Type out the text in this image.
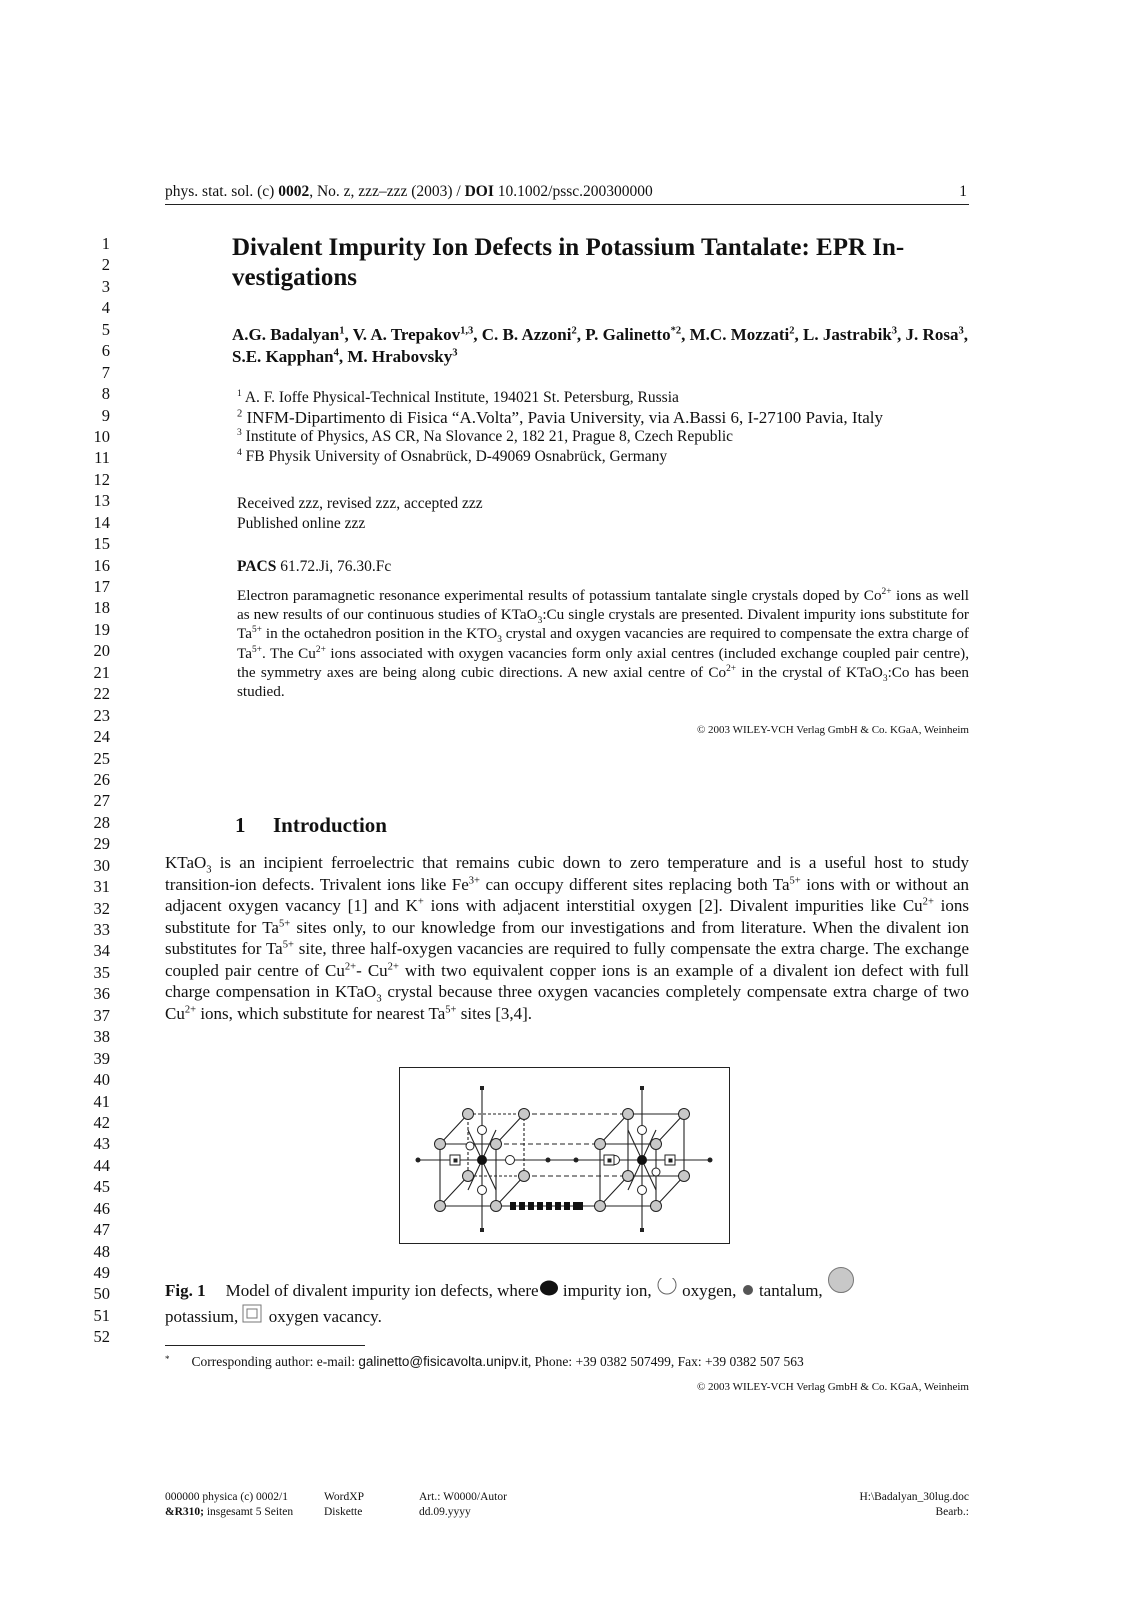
phys. stat. sol. (c) 0002, No. z, zzz–zzz (2003) / DOI 10.1002/pssc.200300000	1
1
2
3
4
5
6
7
8
9
10
11
12
13
14
15
16
17
18
19
20
21
22
23
24
25
26
27
28
29
30
31
32
33
34
35
36
37
38
39
40
41
42
43
44
45
46
47
48
49
50
51
52
Divalent Impurity Ion Defects in Potassium Tantalate: EPR In-vestigations
A.G. Badalyan$^1$, V. A. Trepakov$^{1,3}$, C. B. Azzoni$^2$, P. Galinetto$^{*2}$, M.C. Mozzati$^2$, L. Jastrabik$^3$, J. Rosa$^3$, S.E. Kapphan$^4$, M. Hrabovsky$^3$
$^1$ A. F. Ioffe Physical-Technical Institute, 194021 St. Petersburg, Russia
$^2$ INFM-Dipartimento di Fisica “A.Volta”, Pavia University, via A.Bassi 6, I-27100 Pavia, Italy
$^3$ Institute of Physics, AS CR, Na Slovance 2, 182 21, Prague 8, Czech Republic
$^4$ FB Physik University of Osnabrück, D-49069 Osnabrück, Germany
Received zzz, revised zzz, accepted zzz
Published online zzz
PACS 61.72.Ji, 76.30.Fc
Electron paramagnetic resonance experimental results of potassium tantalate single crystals doped by $Co^{2+}$ ions as well as new results of our continuous studies of KTaO$_3$:Cu single crystals are presented. Divalent impurity ions substitute for $Ta^{5+}$ in the octahedron position in the $KTO_3$ crystal and oxygen vacancies are required to compensate the extra charge of $Ta^{5+}$. The $Cu^{2+}$ ions associated with oxygen vacancies form only axial centres (included exchange coupled pair centre), the symmetry axes are being along cubic directions. A new axial centre of $Co^{2+}$ in the crystal of KTaO$_3$:Co has been studied.
© 2003 WILEY-VCH Verlag GmbH & Co. KGaA, Weinheim
1 Introduction
KTaO$_3$ is an incipient ferroelectric that remains cubic down to zero temperature and is a useful host to study transition-ion defects. Trivalent ions like $Fe^{3+}$ can occupy different sites replacing both $Ta^{5+}$ ions with or without an adjacent oxygen vacancy [1] and K+ ions with adjacent interstitial oxygen [2]. Divalent impurities like $Cu^{2+}$ ions substitute for $Ta^{5+}$ sites only, to our knowledge from our investigations and from literature. When the divalent ion substitutes for $Ta^{5+}$ site, three half-oxygen vacancies are required to fully compensate the extra charge. The exchange coupled pair centre of $Cu^{2+}-$ $Cu^{2+}$ with two equivalent copper ions is an example of a divalent ion defect with full charge compensation in KTaO$_3$ crystal because three oxygen vacancies completely compensate extra charge of two $Cu^{2+}$ ions, which substitute for nearest $Ta^{5+}$ sites [3,4].
Fig. 1 Model of divalent impurity ion defects, where impurity ion,  oxygen,  tantalum,
potassium,  oxygen vacancy.
* Corresponding author: e-mail: galinetto@fisicavolta.unipv.it, Phone: +39 0382 507499, Fax: +39 0382 507 563
© 2003 WILEY-VCH Verlag GmbH & Co. KGaA, Weinheim
000000 physica (c) 0002/1
&R310; insgesamt 5 Seiten
WordXP
Diskette
Art.: W0000/Autor
dd.09.yyyy
H:\Badalyan_30lug.doc
Bearb.:
